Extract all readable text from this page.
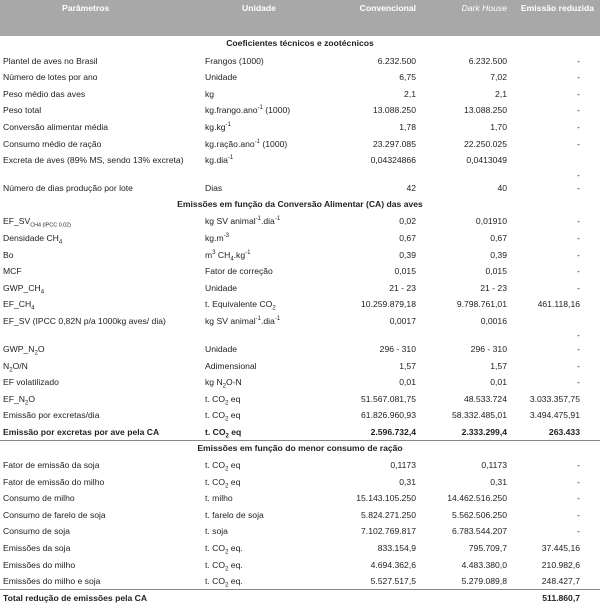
Parâmetros	Unidade	Convencional	Dark House	Emissão reduzida
Coeficientes técnicos e zootécnicos				
Plantel de aves no Brasil	Frangos (1000)	6.232.500	6.232.500	-
Número de lotes por ano	Unidade	6,75	7,02	-
Peso médio das aves	kg	2,1	2,1	-
Peso total	kg.frango.ano$^{-1}$ (1000)	13.088.250	13.088.250	-
Conversão alimentar média	$kg.kg^{-1}$	1,78	1,70	-
Consumo médio de ração	kg.ração.ano$^{-1}$ (1000)	23.297.085	22.250.025	-
Excreta de aves (89% MS, sendo 13% excreta)	kg.dia$^{-1}$	0,04324866	0,0413049	-
Número de dias produção por lote	Dias	42	40	-
Emissões em função da Conversão Alimentar (CA) das aves				
$EF\_SV_{CH4 (IPCC 0.02)}$	kg SV animal$^{-1}$.dia$^{-1}$	0,02	0,01910	-
Densidade $CH_4$	$kg.m^{-3}$	0,67	0,67	-
Bo	$m^3$ $CH_4.kg^{-1}$	0,39	0,39	-
MCF	Fator de correção	0,015	0,015	-
$GWP\_CH_4$	Unidade	21 - 23	21 - 23	-
$EF\_CH_4$	t. Equivalente $CO_2$	10.259.879,18	9.798.761,01	461.118,16
EF_SV (IPCC 0,82N p/a 1000kg aves/ dia)	kg SV animal$^{-1}$.dia$^{-1}$	0,0017	0,0016	-
$GWP\_N_2O$	Unidade	296 - 310	296 - 310	-
$N_2O/N$	Adimensional	1,57	1,57	-
EF volatilizado	kg $N_2O-N$	0,01	0,01	-
$EF\_N_2O$	t. $CO_2$ eq	51.567.081,75	48.533.724	3.033.357,75
Emissão por excretas/dia	t. $CO_2$ eq	61.826.960,93	58.332.485,01	3.494.475,91
Emissão por excretas por ave pela CA	t. $CO_2$ eq	2.596.732,4	2.333.299,4	263.433
Emissões em função do menor consumo de ração				
Fator de emissão da soja	t. $CO_2$ eq	0,1173	0,1173	-
Fator de emissão do milho	t. $CO_2$ eq	0,31	0,31	-
Consumo de milho	t. milho	15.143.105.250	14.462.516.250	-
Consumo de farelo de soja	t. farelo de soja	5.824.271.250	5.562.506.250	-
Consumo de soja	t. soja	7.102.769.817	6.783.544.207	-
Emissões da soja	t. $CO_2$ eq.	833.154,9	795.709,7	37.445,16
Emissões do milho	t. $CO_2$ eq.	4.694.362,6	4.483.380,0	210.982,6
Emissões do milho e soja	t. $CO_2$ eq.	5.527.517,5	5.279.089,8	248.427,7
Total redução de emissões pela CA				511.860,7
